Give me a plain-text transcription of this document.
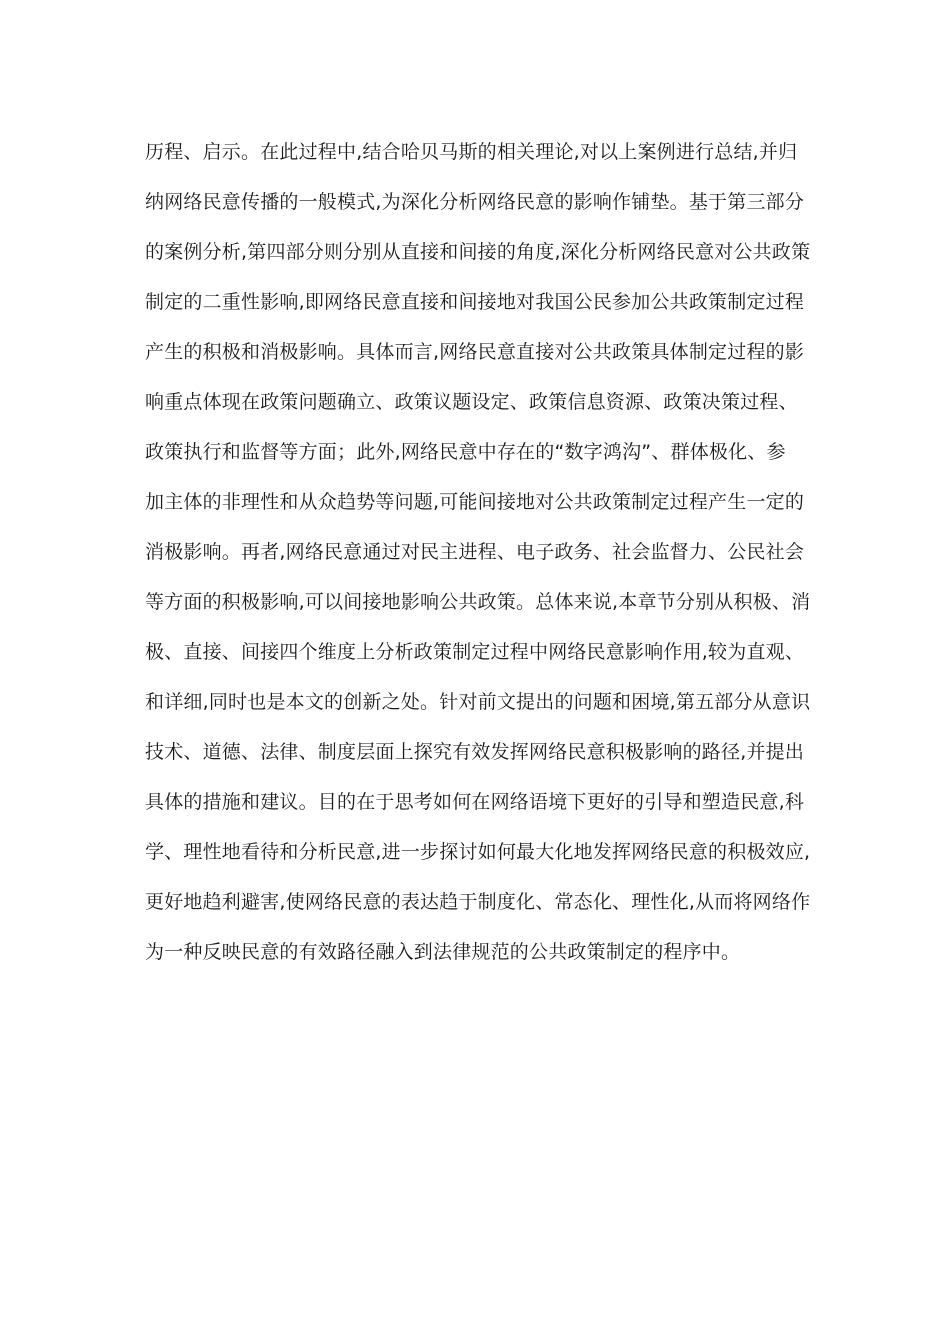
历程、启示。在此过程中,结合哈贝马斯的相关理论,对以上案例进行总结,并归
纳网络民意传播的一般模式,为深化分析网络民意的影响作铺垫。基于第三部分
的案例分析,第四部分则分别从直接和间接的角度,深化分析网络民意对公共政策
制定的二重性影响,即网络民意直接和间接地对我国公民参加公共政策制定过程
产生的积极和消极影响。具体而言,网络民意直接对公共政策具体制定过程的影
响重点体现在政策问题确立、政策议题设定、政策信息资源、政策决策过程、
政策执行和监督等方面；此外,网络民意中存在的“数字鸿沟”、群体极化、参
加主体的非理性和从众趋势等问题,可能间接地对公共政策制定过程产生一定的
消极影响。再者,网络民意通过对民主进程、电子政务、社会监督力、公民社会
等方面的积极影响,可以间接地影响公共政策。总体来说,本章节分别从积极、消
极、直接、间接四个维度上分析政策制定过程中网络民意影响作用,较为直观、
和详细,同时也是本文的创新之处。针对前文提出的问题和困境,第五部分从意识
技术、道德、法律、制度层面上探究有效发挥网络民意积极影响的路径,并提出
具体的措施和建议。目的在于思考如何在网络语境下更好的引导和塑造民意,科
学、理性地看待和分析民意,进一步探讨如何最大化地发挥网络民意的积极效应,
更好地趋利避害,使网络民意的表达趋于制度化、常态化、理性化,从而将网络作
为一种反映民意的有效路径融入到法律规范的公共政策制定的程序中。
